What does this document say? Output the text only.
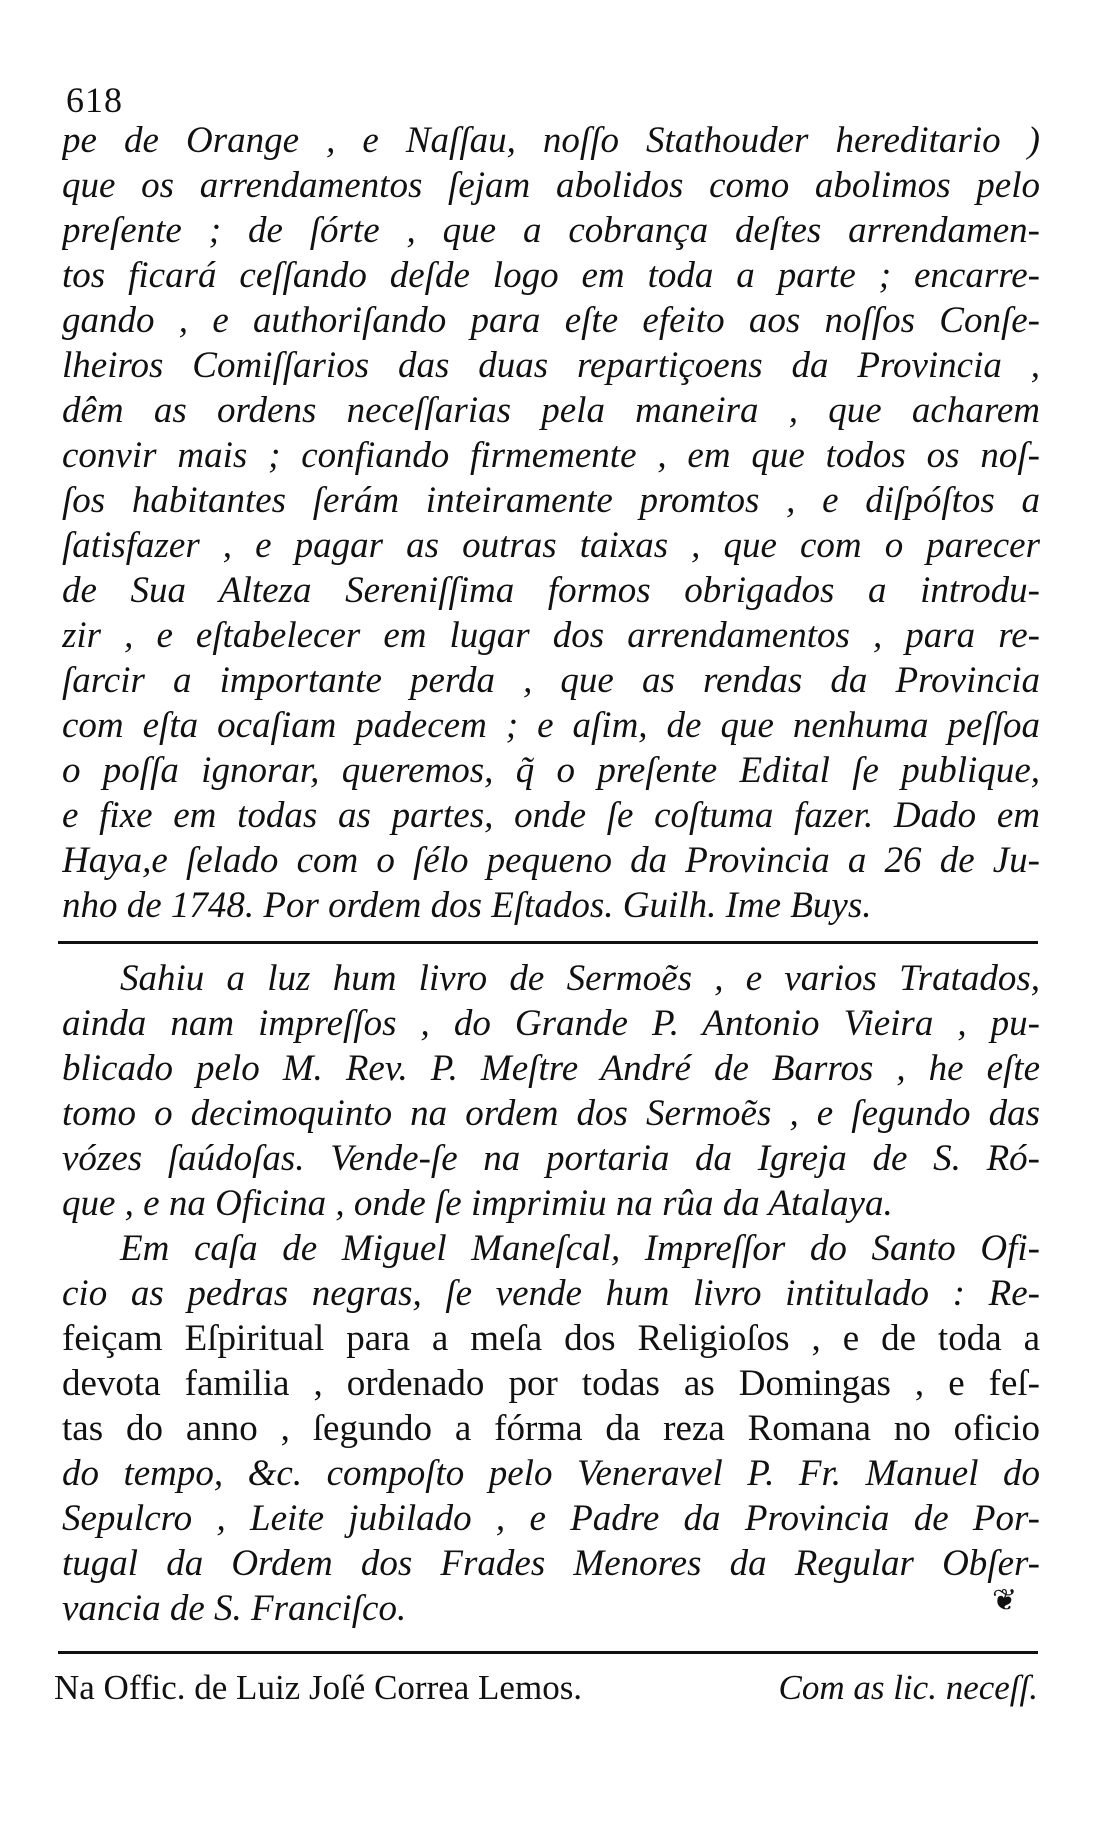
618
pe de Orange , e Naſſau, noſſo Stathouder hereditario )
que os arrendamentos ſejam abolidos como abolimos pelo
preſente ; de ſórte , que a cobrança deſtes arrendamen-
tos ficará ceſſando deſde logo em toda a parte ; encarre-
gando , e authoriſando para eſte efeito aos noſſos Conſe-
lheiros Comiſſarios das duas repartiçoens da Provincia ,
dêm as ordens neceſſarias pela maneira , que acharem
convir mais ; confiando firmemente , em que todos os noſ-
ſos habitantes ſerám inteiramente promtos , e diſpóſtos a
ſatisfazer , e pagar as outras taixas , que com o parecer
de Sua Alteza Sereniſſima formos obrigados a introdu-
zir , e eſtabelecer em lugar dos arrendamentos , para re-
ſarcir a importante perda , que as rendas da Provincia
com eſta ocaſiam padecem ; e aſim, de que nenhuma peſſoa
o poſſa ignorar, queremos, q̃ o preſente Edital ſe publique,
e fixe em todas as partes, onde ſe coſtuma fazer. Dado em
Haya,e ſelado com o ſélo pequeno da Provincia a 26 de Ju-
nho de 1748. Por ordem dos Eſtados. Guilh. Ime Buys.
Sahiu a luz hum livro de Sermoẽs , e varios Tratados,
ainda nam impreſſos , do Grande P. Antonio Vieira , pu-
blicado pelo M. Rev. P. Meſtre André de Barros , he eſte
tomo o decimoquinto na ordem dos Sermoẽs , e ſegundo das
vózes ſaúdoſas. Vende-ſe na portaria da Igreja de S. Ró-
que , e na Oficina , onde ſe imprimiu na rûa da Atalaya.
Em caſa de Miguel Maneſcal, Impreſſor do Santo Ofi-
cio as pedras negras, ſe vende hum livro intitulado : Re-
feiçam Eſpiritual para a meſa dos Religioſos , e de toda a
devota familia , ordenado por todas as Domingas , e feſ-
tas do anno , ſegundo a fórma da reza Romana no oficio
do tempo, &c. compoſto pelo Veneravel P. Fr. Manuel do
Sepulcro , Leite jubilado , e Padre da Provincia de Por-
tugal da Ordem dos Frades Menores da Regular Obſer-
vancia de S. Franciſco.	❦
Na Offic. de Luiz Joſé Correa Lemos.	Com as lic. neceſſ.
